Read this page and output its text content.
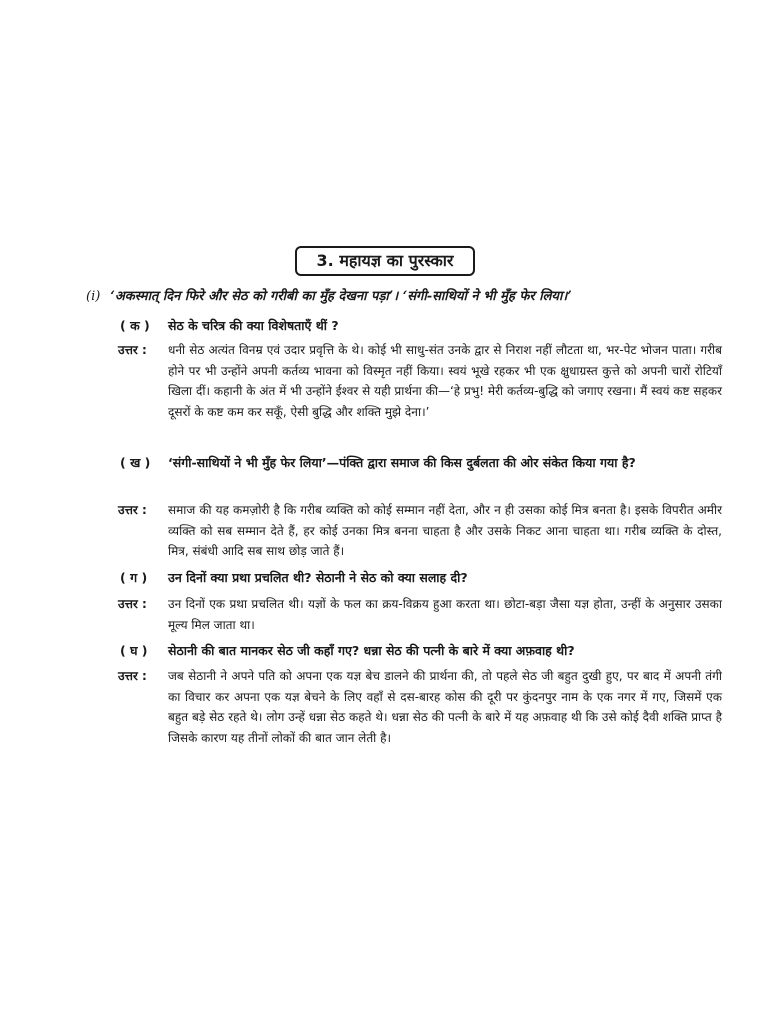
3. महायज्ञ का पुरस्कार
(i) ‘अकस्मात् दिन फिरे और सेठ को गरीबी का मुँह देखना पड़ा’। ‘संगी-साथियों ने भी मुँह फेर लिया।’
( क )	सेठ के चरित्र की क्या विशेषताएँ थीं ?
उत्तर :	धनी सेठ अत्यंत विनम्र एवं उदार प्रवृत्ति के थे। कोई भी साधु-संत उनके द्वार से निराश नहीं लौटता था, भर-पेट भोजन पाता। गरीब होने पर भी उन्होंने अपनी कर्तव्य भावना को विस्मृत नहीं किया। स्वयं भूखे रहकर भी एक क्षुधाग्रस्त कुत्ते को अपनी चारों रोटियाँ खिला दीं। कहानी के अंत में भी उन्होंने ईश्वर से यही प्रार्थना की—‘हे प्रभु! मेरी कर्तव्य-बुद्धि को जगाए रखना। मैं स्वयं कष्ट सहकर दूसरों के कष्ट कम कर सकूँ, ऐसी बुद्धि और शक्ति मुझे देना।’
( ख )	‘संगी-साथियों ने भी मुँह फेर लिया’—पंक्ति द्वारा समाज की किस दुर्बलता की ओर संकेत किया गया है?
उत्तर :	समाज की यह कमज़ोरी है कि गरीब व्यक्ति को कोई सम्मान नहीं देता, और न ही उसका कोई मित्र बनता है। इसके विपरीत अमीर व्यक्ति को सब सम्मान देते हैं, हर कोई उनका मित्र बनना चाहता है और उसके निकट आना चाहता था। गरीब व्यक्ति के दोस्त, मित्र, संबंधी आदि सब साथ छोड़ जाते हैं।
( ग )	उन दिनों क्या प्रथा प्रचलित थी? सेठानी ने सेठ को क्या सलाह दी?
उत्तर :	उन दिनों एक प्रथा प्रचलित थी। यज्ञों के फल का क्रय-विक्रय हुआ करता था। छोटा-बड़ा जैसा यज्ञ होता, उन्हीं के अनुसार उसका मूल्य मिल जाता था।
( घ )	सेठानी की बात मानकर सेठ जी कहाँ गए? धन्ना सेठ की पत्नी के बारे में क्या अफ़वाह थी?
उत्तर :	जब सेठानी ने अपने पति को अपना एक यज्ञ बेच डालने की प्रार्थना की, तो पहले सेठ जी बहुत दुखी हुए, पर बाद में अपनी तंगी का विचार कर अपना एक यज्ञ बेचने के लिए वहाँ से दस-बारह कोस की दूरी पर कुंदनपुर नाम के एक नगर में गए, जिसमें एक बहुत बड़े सेठ रहते थे। लोग उन्हें धन्ना सेठ कहते थे। धन्ना सेठ की पत्नी के बारे में यह अफ़वाह थी कि उसे कोई दैवी शक्ति प्राप्त है जिसके कारण यह तीनों लोकों की बात जान लेती है।
